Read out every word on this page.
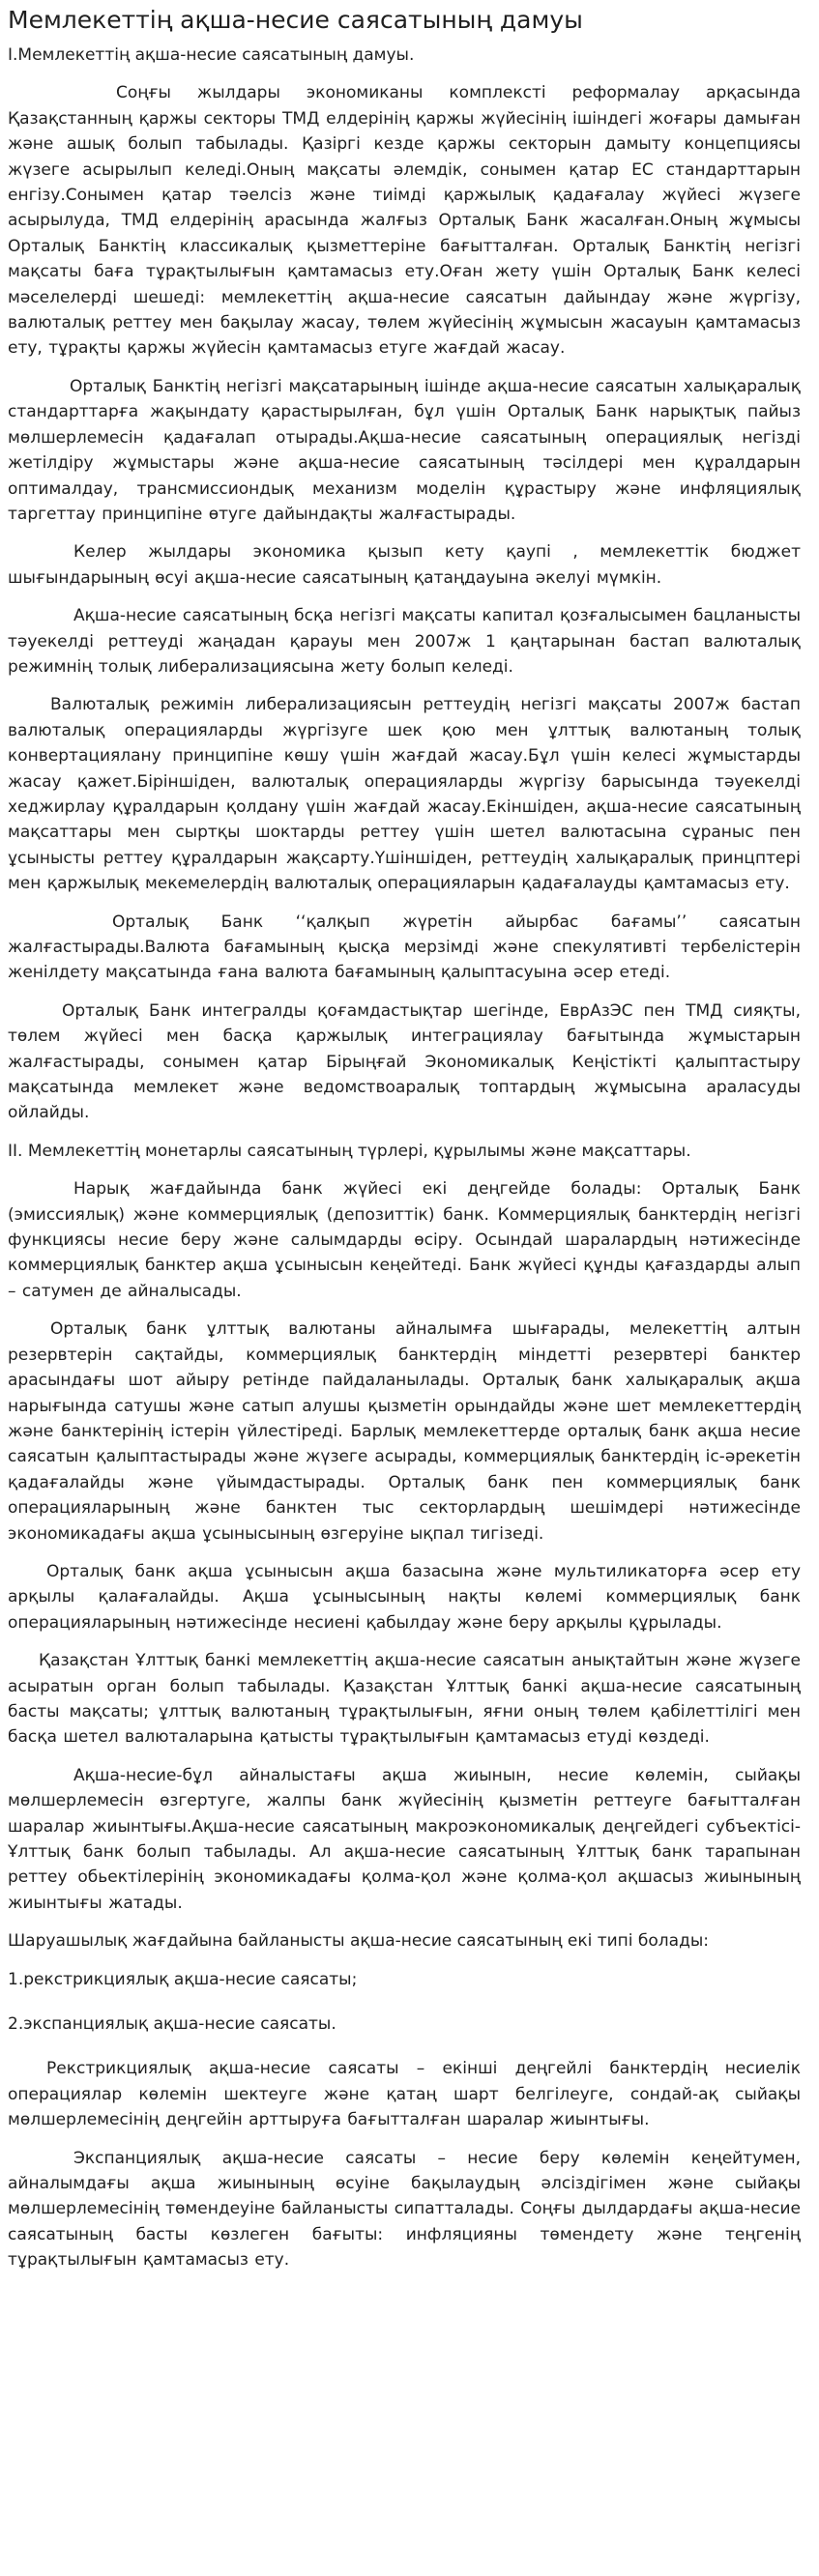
Мемлекеттің ақша-несие саясатының дамуы
I.Мемлекеттің ақша-несие саясатының дамуы.

Соңғы жылдары экономиканы комплексті реформалау арқасында Қазақстанның қаржы секторы ТМД елдерінің қаржы жүйесінің ішіндегі жоғары дамыған және ашық болып табылады. Қазіргі кезде қаржы секторын дамыту концепциясы жүзеге асырылып келеді.Оның мақсаты әлемдік, сонымен қатар ЕС стандарттарын енгізу.Сонымен қатар тәелсіз және тиімді қаржылық қадағалау жүйесі жүзеге асырылуда, ТМД елдерінің арасында жалғыз Орталық Банк жасалған.Оның жұмысы Орталық Банктің классикалық қызметтеріне бағытталған. Орталық Банктің негізгі мақсаты баға тұрақтылығын қамтамасыз ету.Оған жету үшін Орталық Банк келесі мәселелерді шешеді: мемлекеттің ақша-несие саясатын дайындау және жүргізу, валюталық реттеу мен бақылау жасау, төлем жүйесінің жұмысын жасауын қамтамасыз ету, тұрақты қаржы жүйесін қамтамасыз етуге жағдай жасау.

Орталық Банктің негізгі мақсатарының ішінде ақша-несие саясатын халықаралық стандарттарға жақындату қарастырылған, бұл үшін Орталық Банк нарықтық пайыз мөлшерлемесін қадағалап отырады.Ақша-несие саясатының операциялық негізді жетілдіру жұмыстары және ақша-несие саясатының тәсілдері мен құралдарын оптималдау, трансмиссиондық механизм моделін құрастыру және инфляциялық таргеттау принципіне өтуге дайындақты жалғастырады.

Келер жылдары экономика қызып кету қаупі , мемлекеттік бюджет шығындарының өсуі ақша-несие саясатының қатаңдауына әкелуі мүмкін.

Ақша-несие саясатының бсқа негізгі мақсаты капитал қозғалысымен бацланысты тәуекелді реттеуді жаңадан қарауы мен 2007ж 1 қаңтарынан бастап валюталық режимнің толық либерализациясына жету болып келеді.

Валюталық режимін либерализациясын реттеудің негізгі мақсаты 2007ж бастап валюталық операцияларды жүргізуге шек қою мен ұлттық валютаның толық конвертациялану принципіне көшу үшін жағдай жасау.Бұл үшін келесі жұмыстарды жасау қажет.Біріншіден, валюталық операцияларды жүргізу барысында тәуекелді хеджирлау құралдарын қолдану үшін жағдай жасау.Екіншіден, ақша-несие саясатының мақсаттары мен сыртқы шоктарды реттеу үшін шетел валютасына сұраныс пен ұсынысты реттеу құралдарын жақсарту.Үшіншіден, реттеудің халықаралық принцптері мен қаржылық мекемелердің валюталық операцияларын қадағалауды қамтамасыз ету.

Орталық Банк ‘‘қалқып жүретін айырбас бағамы’’ саясатын жалғастырады.Валюта бағамының қысқа мерзімді және спекулятивті тербелістерін женілдету мақсатында ғана валюта бағамының қалыптасуына әсер етеді.

Орталық Банк интегралды қоғамдастықтар шегінде, ЕврАзЭС пен ТМД сияқты, төлем жүйесі мен басқа қаржылық интеграциялау бағытында жұмыстарын жалғастырады, сонымен қатар Бірыңғай Экономикалық Кеңістікті қалыптастыру мақсатында мемлекет және ведомствоаралық топтардың жұмысына араласуды ойлайды.

II. Мемлекеттің монетарлы саясатының түрлері, құрылымы және мақсаттары.

Нарық жағдайында банк жүйесі екі деңгейде болады: Орталық Банк (эмиссиялық) және коммерциялық (депозиттік) банк. Коммерциялық банктердің негізгі функциясы несие беру және салымдарды өсіру. Осындай шаралардың нәтижесінде коммерциялық банктер ақша ұсынысын кеңейтеді. Банк жүйесі құнды қағаздарды алып – сатумен де айналысады.

Орталық банк ұлттық валютаны айналымға шығарады, мелекеттің алтын резервтерін сақтайды, коммерциялық банктердің міндетті резервтері банктер арасындағы шот айыру ретінде пайдаланылады. Орталық банк халықаралық ақша нарығында сатушы және сатып алушы қызметін орындайды және шет мемлекеттердің және банктерінің істерін үйлестіреді. Барлық мемлекеттерде орталық банк ақша несие саясатын қалыптастырады және жүзеге асырады, коммерциялық банктердің іс-әрекетін қадағалайды және үйымдастырады. Орталық банк пен коммерциялық банк операцияларының және банктен тыс секторлардың шешімдері нәтижесінде экономикадағы ақша ұсынысының өзгеруіне ықпал тигізеді.

Орталық банк ақша ұсынысын ақша базасына және мультиликаторға әсер ету арқылы қалағалайды. Ақша ұсынысының нақты көлемі коммерциялық банк операцияларының нәтижесінде несиені қабылдау және беру арқылы құрылады.

Қазақстан Ұлттық банкі мемлекеттің ақша-несие саясатын анықтайтын және жүзеге асыратын орган болып табылады. Қазақстан Ұлттық банкі ақша-несие саясатының басты мақсаты; ұлттық валютаның тұрақтылығын, яғни оның төлем қабілеттілігі мен басқа шетел валюталарына қатысты тұрақтылығын қамтамасыз етуді көздеді.

Ақша-несие-бұл айналыстағы ақша жиынын, несие көлемін, сыйақы мөлшерлемесін өзгертуге, жалпы банк жүйесінің қызметін реттеуге бағытталған шаралар жиынтығы.Ақша-несие саясатының макроэкономикалық деңгейдегі субъектісі-Ұлттық банк болып табылады. Ал ақша-несие саясатының Ұлттық банк тарапынан реттеу обьектілерінің экономикадағы қолма-қол және қолма-қол ақшасыз жиынының жиынтығы жатады.

Шаруашылық жағдайына байланысты ақша-несие саясатының екі типі болады:
1.рекстрикциялық ақша-несие саясаты;
2.экспанциялық ақша-несие саясаты.

Рекстрикциялық ақша-несие саясаты – екінші деңгейлі банктердің несиелік операциялар көлемін шектеуге және қатаң шарт белгілеуге, сондай-ақ сыйақы мөлшерлемесінің деңгейін арттыруға бағытталған шаралар жиынтығы.

Экспанциялық ақша-несие саясаты – несие беру көлемін кеңейтумен, айналымдағы ақша жиынының өсуіне бақылаудың әлсіздігімен және сыйақы мөлшерлемесінің төмендеуіне байланысты сипатталады. Соңғы дылдардағы ақша-несие саясатының басты көзлеген бағыты: инфляцияны төмендету және теңгенің тұрақтылығын қамтамасыз ету.
